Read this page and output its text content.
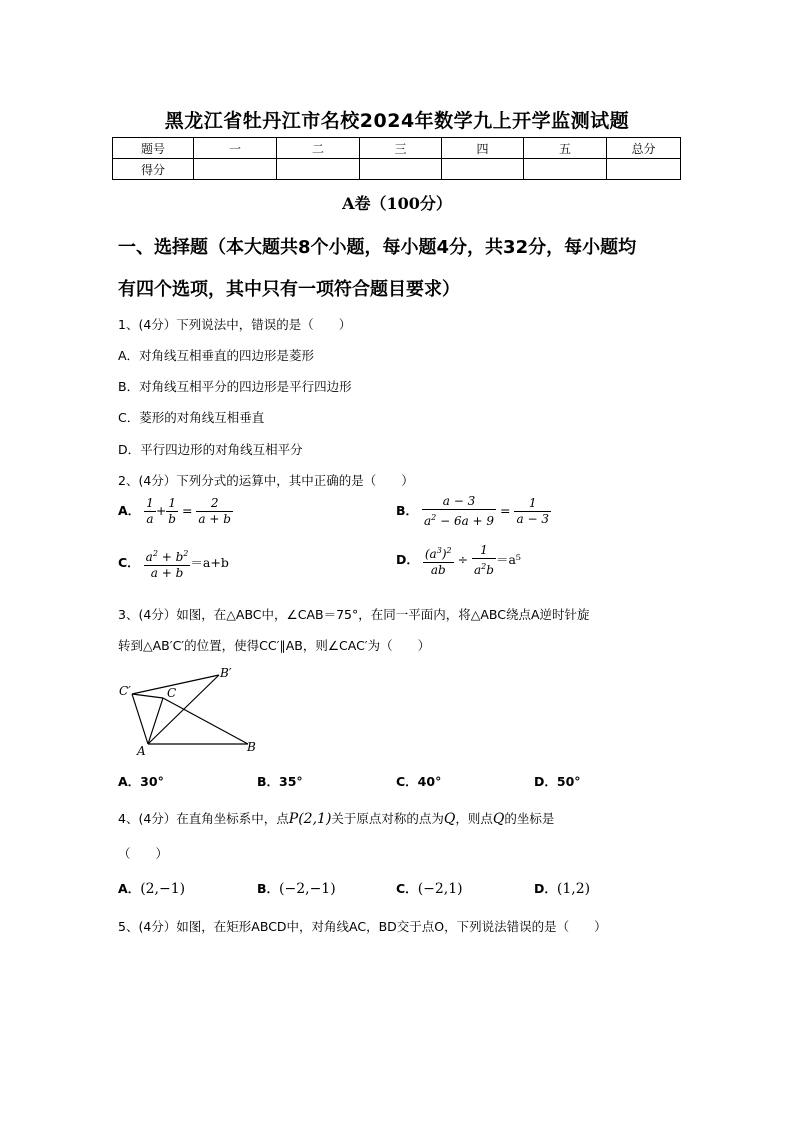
黑龙江省牡丹江市名校2024年数学九上开学监测试题
题号	一	二	三	四	五	总分
得分						
A卷（100分）
一、选择题（本大题共8个小题，每小题4分，共32分，每小题均
有四个选项，其中只有一项符合题目要求）
1、(4分）下列说法中，错误的是（　　）
A．对角线互相垂直的四边形是菱形
B．对角线互相平分的四边形是平行四边形
C．菱形的对角线互相垂直
D．平行四边形的对角线互相平分
2、(4分）下列分式的运算中，其中正确的是（　　）
A． $\frac{1}{a} + \frac{1}{b} = \frac{2}{a + b}$	B． $\frac{a - 3}{a^2 - 6a + 9} = \frac{1}{a - 3}$
C． $\frac{a^2 + b^2}{a + b} =a+b$	D． $\frac{(a^3)^2}{ab} \div \frac{1}{a^2b} =a^5$
3、(4分）如图，在△ABC中，∠CAB＝75°，在同一平面内，将△ABC绕点A逆时针旋
转到△AB′C′的位置，使得CC′∥AB，则∠CAC′为（　　）
C′	C
B′
A	B
A．30°	B．35°	C．40°	D．50°
4、(4分）在直角坐标系中，点P(2,1)关于原点对称的点为Q，则点Q的坐标是
（　　）
A．(2,−1)	B．(−2,−1)	C．(−2,1)	D．(1,2)
5、(4分）如图，在矩形ABCD中，对角线AC，BD交于点O，下列说法错误的是（　　）
